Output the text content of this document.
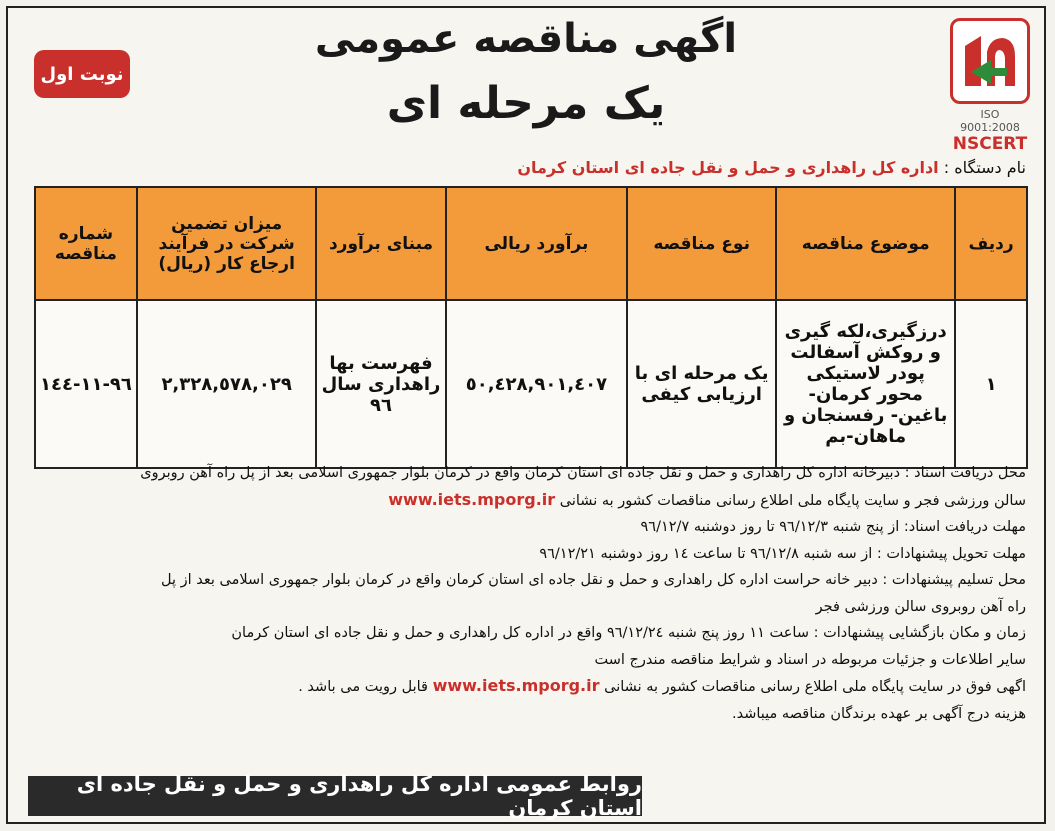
نوبت اول
اگهی مناقصه عمومی
یک مرحله ای	ISO 9001:2008
NSCERT
نام دستگاه : اداره کل راهداری و حمل و نقل جاده ای استان کرمان
ردیف	موضوع مناقصه	نوع مناقصه	برآورد ریالی	مبنای برآورد	میزان تضمین شرکت در فرآیند ارجاع کار (ریال)	شماره مناقصه
١	درزگیری،لکه گیری و روکش آسفالت پودر لاستیکی محور کرمان-باغین- رفسنجان و ماهان-بم	یک مرحله ای با ارزیابی کیفی	٥٠,٤٢٨,٩٠١,٤٠٧	فهرست بها راهداری سال ٩٦	٢,٣٢٨,٥٧٨,٠٢٩	٩٦-١١-١٤٤

محل دریافت اسناد : دبیرخانه اداره کل راهداری و حمل و نقل جاده ای استان کرمان واقع در کرمان بلوار جمهوری اسلامی بعد از پل راه آهن روبروی

سالن ورزشی فجر و سایت پایگاه ملی اطلاع رسانی مناقصات کشور به نشانی www.iets.mporg.ir

مهلت دریافت اسناد: از پنج شنبه ٩٦/١٢/٣ تا روز دوشنبه ٩٦/١٢/٧

مهلت تحویل پیشنهادات : از سه شنبه ٩٦/١٢/٨ تا ساعت ١٤ روز دوشنبه ٩٦/١٢/٢١

محل تسلیم پیشنهادات : دبیر خانه حراست اداره کل راهداری و حمل و نقل جاده ای استان کرمان واقع در کرمان بلوار جمهوری اسلامی بعد از پل

راه آهن روبروی سالن ورزشی فجر

زمان و مکان بازگشایی پیشنهادات : ساعت ١١ روز پنج شنبه ٩٦/١٢/٢٤ واقع در اداره کل راهداری و حمل و نقل جاده ای استان کرمان

سایر اطلاعات و جزئیات مربوطه در اسناد و شرایط مناقصه مندرج است

اگهی فوق در سایت پایگاه ملی اطلاع رسانی مناقصات کشور به نشانی www.iets.mporg.ir قابل رویت می باشد .

هزینه درج آگهی بر عهده برندگان مناقصه میباشد.

روابط عمومی اداره کل راهداری و حمل و نقل جاده ای استان کرمان
